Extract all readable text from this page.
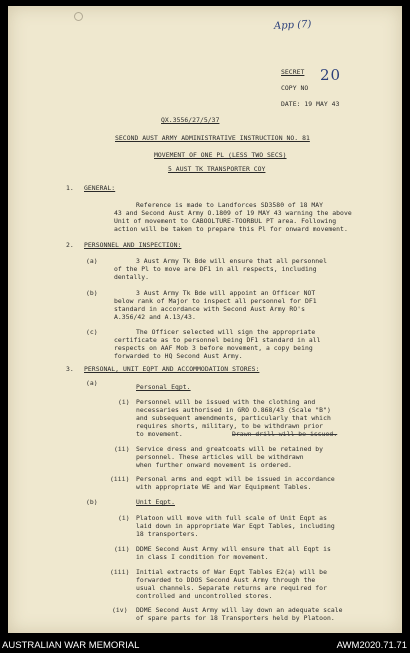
App (7)
SECRET
COPY NO
20
DATE: 19 MAY 43
QX.3556/27/5/37
SECOND AUST ARMY ADMINISTRATIVE INSTRUCTION NO. 81
MOVEMENT OF ONE PL (LESS TWO SECS)
5 AUST TK TRANSPORTER COY
1. GENERAL:
Reference is made to Landforces SD3580 of 18 MAY
43 and Second Aust Army O.1809 of 19 MAY 43 warning the above
Unit of movement to CABOOLTURE-TOORBUL PT area. Following
action will be taken to prepare this Pl for onward movement.
2. PERSONNEL AND INSPECTION:
(a)	3 Aust Army Tk Bde will ensure that all personnel
of the Pl to move are DF1 in all respects, including
dentally.
(b)	3 Aust Army Tk Bde will appoint an Officer NOT
below rank of Major to inspect all personnel for DF1
standard in accordance with Second Aust Army RO's
A.356/42 and A.13/43.
(c)	The Officer selected will sign the appropriate
certificate as to personnel being DF1 standard in all
respects on AAF Mob 3 before movement, a copy being
forwarded to HQ Second Aust Army.
3. PERSONAL, UNIT EQPT AND ACCOMMODATION STORES:
(a)	Personal Eqpt.
(i) Personnel will be issued with the clothing and
necessaries authorised in GRO O.868/43 (Scale "B")
and subsequent amendments, particularly that which
requires shorts, military, to be withdrawn prior
to movement.	Drawn drill will be issued.
(ii) Service dress and greatcoats will be retained by
personnel. These articles will be withdrawn
when further onward movement is ordered.
(iii) Personal arms and eqpt will be issued in accordance
with appropriate WE and War Equipment Tables.
(b)	Unit Eqpt.
(i) Platoon will move with full scale of Unit Eqpt as
laid down in appropriate War Eqpt Tables, including
18 transporters.
(ii) DDME Second Aust Army will ensure that all Eqpt is
in class I condition for movement.
(iii) Initial extracts of War Eqpt Tables E2(a) will be
forwarded to DDOS Second Aust Army through the
usual channels. Separate returns are required for
controlled and uncontrolled stores.
(iv) DDME Second Aust Army will lay down an adequate scale
of spare parts for 18 Transporters held by Platoon.
AUSTRALIAN WAR MEMORIAL	AWM2020.71.71
